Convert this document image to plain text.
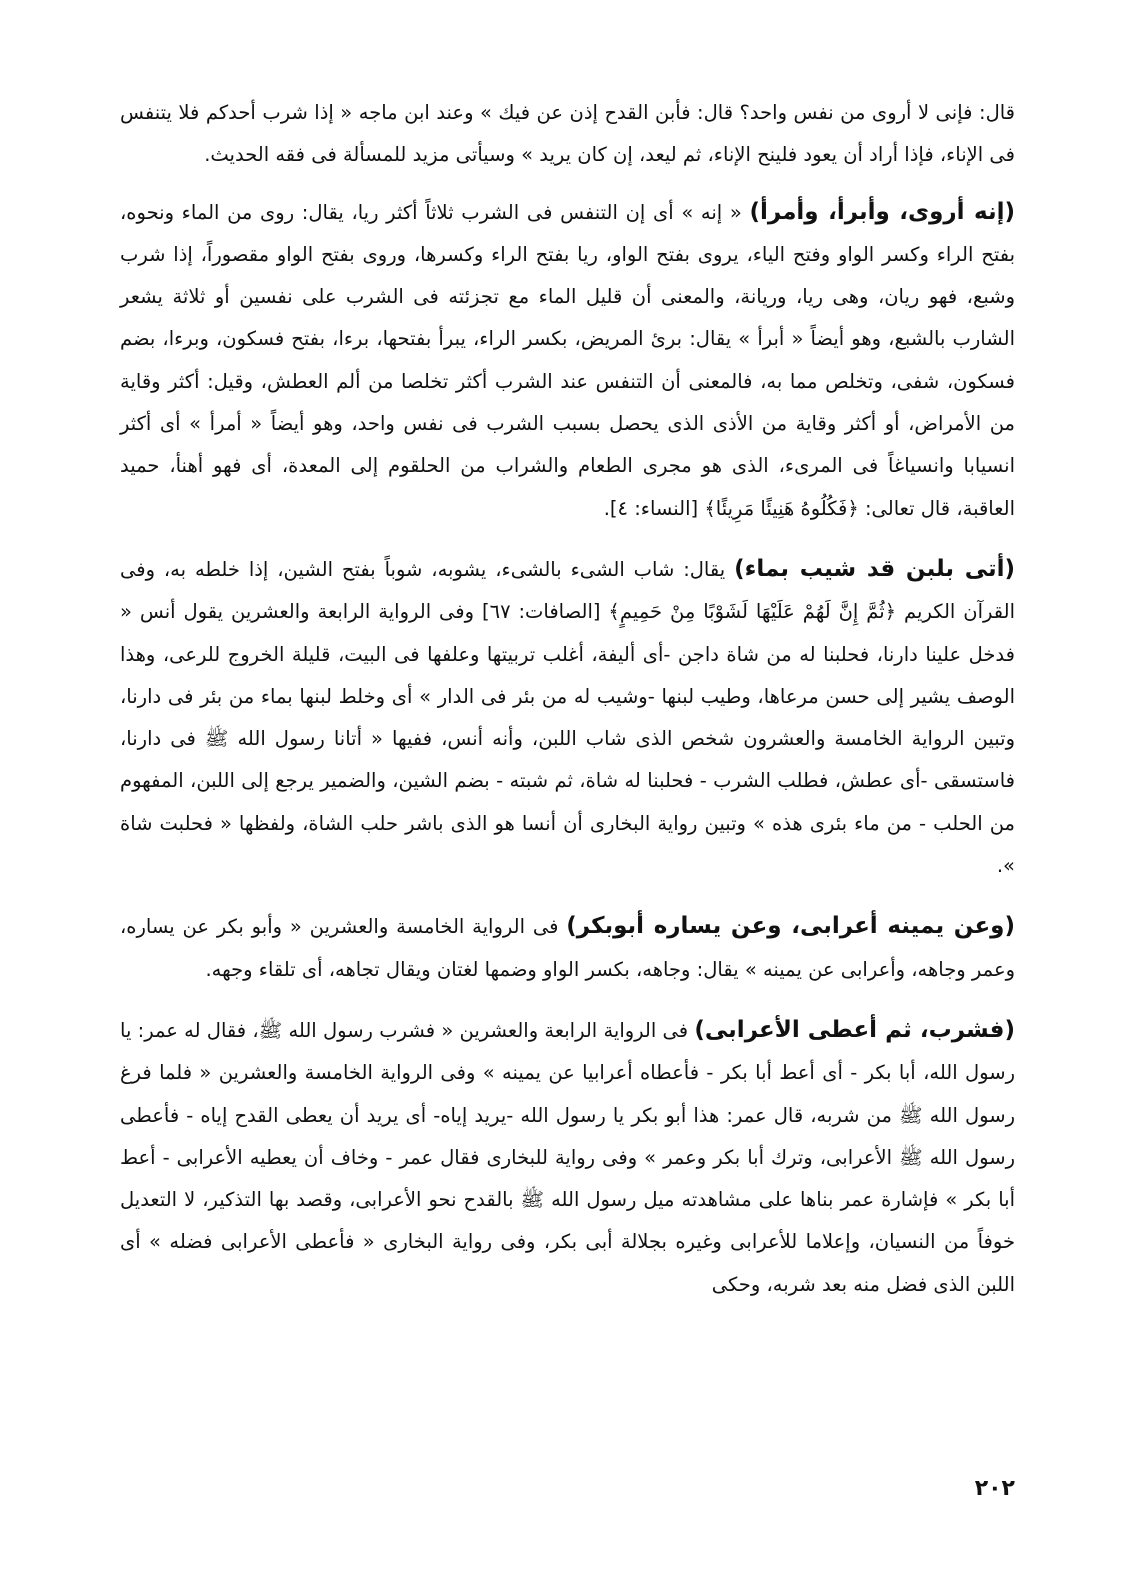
قال: فإنى لا أروى من نفس واحد؟ قال: فأبن القدح إذن عن فيك » وعند ابن ماجه « إذا شرب أحدكم فلا يتنفس فى الإناء، فإذا أراد أن يعود فلينح الإناء، ثم ليعد، إن كان يريد » وسيأتى مزيد للمسألة فى فقه الحديث.

(إنه أروى، وأبرأ، وأمرأ) « إنه » أى إن التنفس فى الشرب ثلاثاً أكثر ريا، يقال: روى من الماء ونحوه، بفتح الراء وكسر الواو وفتح الياء، يروى بفتح الواو، ريا بفتح الراء وكسرها، وروى بفتح الواو مقصوراً، إذا شرب وشبع، فهو ريان، وهى ريا، وريانة، والمعنى أن قليل الماء مع تجزئته فى الشرب على نفسين أو ثلاثة يشعر الشارب بالشبع، وهو أيضاً « أبرأ » يقال: برئ المريض، بكسر الراء، يبرأ بفتحها، برءا، بفتح فسكون، وبرءا، بضم فسكون، شفى، وتخلص مما به، فالمعنى أن التنفس عند الشرب أكثر تخلصا من ألم العطش، وقيل: أكثر وقاية من الأمراض، أو أكثر وقاية من الأذى الذى يحصل بسبب الشرب فى نفس واحد، وهو أيضاً « أمرأ » أى أكثر انسيابا وانسياغاً فى المرىء، الذى هو مجرى الطعام والشراب من الحلقوم إلى المعدة، أى فهو أهنأ، حميد العاقبة، قال تعالى: ﴿فَكُلُوهُ هَنِيئًا مَرِيئًا﴾ [النساء: ٤].

(أتى بلبن قد شيب بماء) يقال: شاب الشىء بالشىء، يشوبه، شوباً بفتح الشين، إذا خلطه به، وفى القرآن الكريم ﴿ثُمَّ إِنَّ لَهُمْ عَلَيْهَا لَشَوْبًا مِنْ حَمِيمٍ﴾ [الصافات: ٦٧] وفى الرواية الرابعة والعشرين يقول أنس « فدخل علينا دارنا، فحلبنا له من شاة داجن -أى أليفة، أغلب تربيتها وعلفها فى البيت، قليلة الخروج للرعى، وهذا الوصف يشير إلى حسن مرعاها، وطيب لبنها -وشيب له من بئر فى الدار » أى وخلط لبنها بماء من بئر فى دارنا، وتبين الرواية الخامسة والعشرون شخص الذى شاب اللبن، وأنه أنس، ففيها « أتانا رسول الله ﷺ فى دارنا، فاستسقى -أى عطش، فطلب الشرب - فحلبنا له شاة، ثم شبته - بضم الشين، والضمير يرجع إلى اللبن، المفهوم من الحلب - من ماء بئرى هذه » وتبين رواية البخارى أن أنسا هو الذى باشر حلب الشاة، ولفظها « فحلبت شاة ».

(وعن يمينه أعرابى، وعن يساره أبوبكر) فى الرواية الخامسة والعشرين « وأبو بكر عن يساره، وعمر وجاهه، وأعرابى عن يمينه » يقال: وجاهه، بكسر الواو وضمها لغتان ويقال تجاهه، أى تلقاء وجهه.

(فشرب، ثم أعطى الأعرابى) فى الرواية الرابعة والعشرين « فشرب رسول الله ﷺ، فقال له عمر: يا رسول الله، أبا بكر - أى أعط أبا بكر - فأعطاه أعرابيا عن يمينه » وفى الرواية الخامسة والعشرين « فلما فرغ رسول الله ﷺ من شربه، قال عمر: هذا أبو بكر يا رسول الله -يريد إياه- أى يريد أن يعطى القدح إياه - فأعطى رسول الله ﷺ الأعرابى، وترك أبا بكر وعمر » وفى رواية للبخارى فقال عمر - وخاف أن يعطيه الأعرابى - أعط أبا بكر » فإشارة عمر بناها على مشاهدته ميل رسول الله ﷺ بالقدح نحو الأعرابى، وقصد بها التذكير، لا التعديل خوفاً من النسيان، وإعلاما للأعرابى وغيره بجلالة أبى بكر، وفى رواية البخارى « فأعطى الأعرابى فضله » أى اللبن الذى فضل منه بعد شربه، وحكى

٢٠٢
